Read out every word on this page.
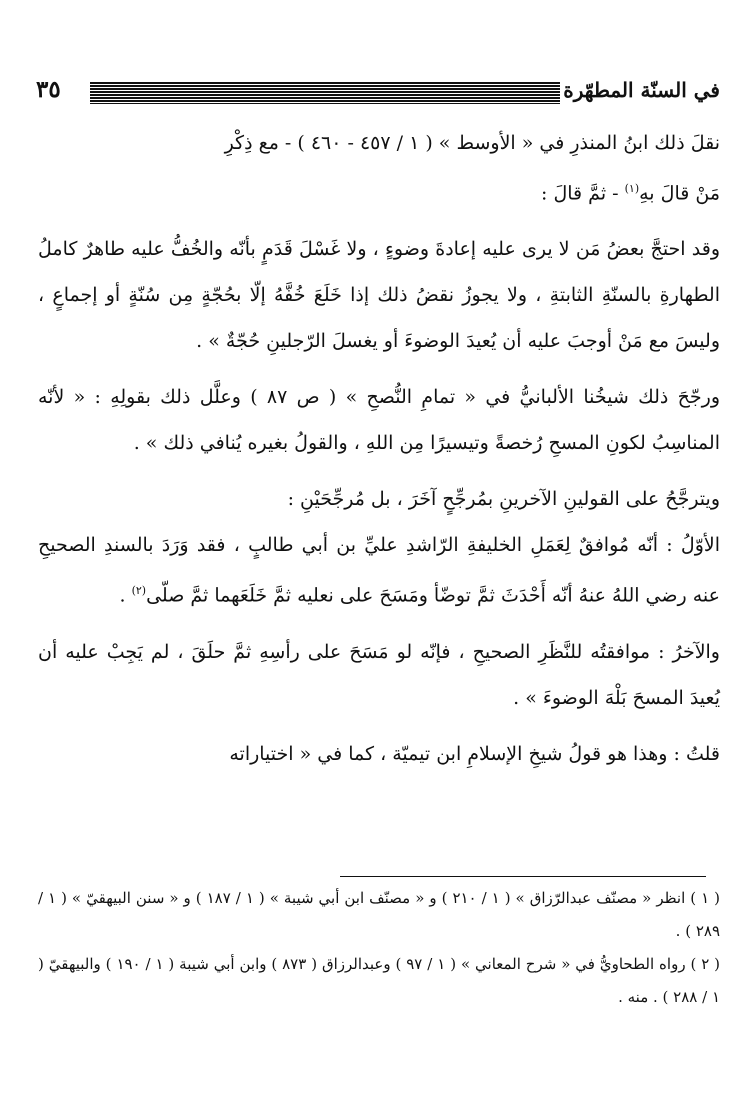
في السنّة المطهّرة
٣٥

نقلَ ذلك ابنُ المنذرِ في « الأوسط » ( ١ / ٤٥٧ - ٤٦٠ ) - مع ذِكْرِ

مَنْ قالَ بهِ$^{(١)}$ - ثمَّ قالَ :

وقد احتجَّ بعضُ مَن لا يرى عليه إعادةَ وضوءٍ ، ولا غَسْلَ قَدَمٍ بأنّه والخُفُّ عليه طاهرٌ كاملُ الطهارةِ بالسنّةِ الثابتةِ ، ولا يجوزُ نقضُ ذلك إذا خَلَعَ خُفَّهُ إلّا بحُجّةٍ مِن سُنّةٍ أو إجماعٍ ، وليسَ مع مَنْ أوجبَ عليه أن يُعيدَ الوضوءَ أو يغسلَ الرّجلينِ حُجّةٌ » .

ورجّحَ ذلك شيخُنا الألبانيُّ في « تمامِ النُّصحِ » ( ص ٨٧ ) وعلَّل ذلك بقولِهِ : « لأنّه المناسِبُ لكونِ المسحِ رُخصةً وتيسيرًا مِن اللهِ ، والقولُ بغيره يُنافي ذلك » .

ويترجَّحُ على القولينِ الآخرينِ بمُرجِّحٍ آخَرَ ، بل مُرجِّحَيْنِ :

الأوّلُ : أنّه مُوافقٌ لِعَمَلِ الخليفةِ الرّاشدِ عليِّ بن أبي طالبٍ ، فقد وَرَدَ بالسندِ الصحيحِ عنه رضي اللهُ عنهُ أنّه أَحْدَثَ ثمَّ توضّأ ومَسَحَ على نعليه ثمَّ خَلَعَهما ثمَّ صلّى$^{(٢)}$ .

والآخرُ : موافقتُه للنَّظَرِ الصحيحِ ، فإنّه لو مَسَحَ على رأسِهِ ثمَّ حلَقَ ، لم يَجِبْ عليه أن يُعيدَ المسحَ بَلْهَ الوضوءَ » .

قلتُ : وهذا هو قولُ شيخِ الإسلامِ ابن تيميّة ، كما في « اختياراته

( ١ ) انظر « مصنّف عبدالرّزاق » ( ١ / ٢١٠ ) و « مصنّف ابن أبي شيبة » ( ١ / ١٨٧ ) و « سنن البيهقيّ » ( ١ / ٢٨٩ ) .

( ٢ ) رواه الطحاويُّ في « شرح المعاني » ( ١ / ٩٧ ) وعبدالرزاق ( ٨٧٣ ) وابن أبي شيبة ( ١ / ١٩٠ ) والبيهقيّ ( ١ / ٢٨٨ ) . منه .
